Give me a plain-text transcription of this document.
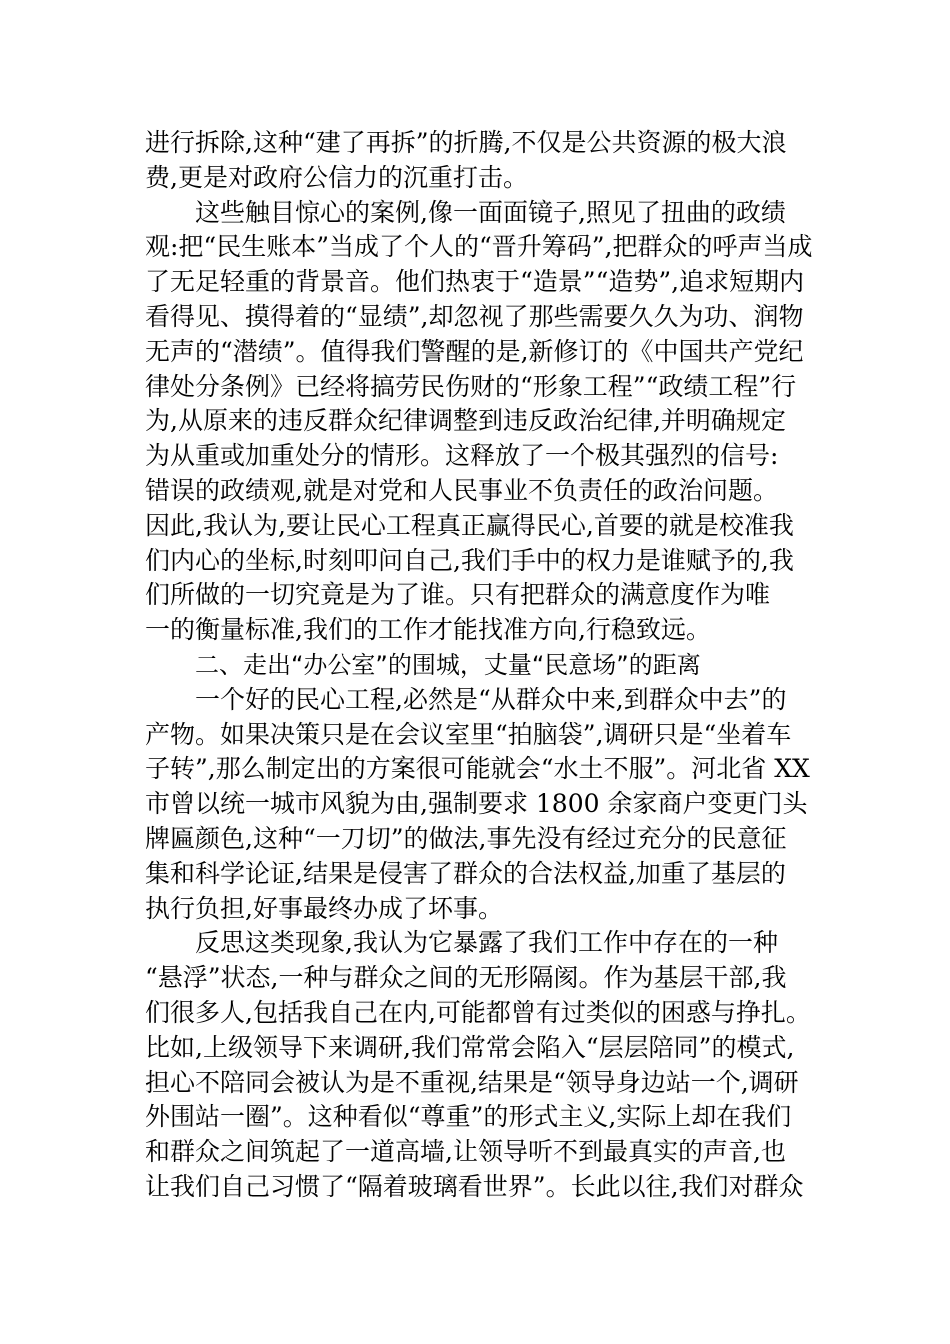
进行拆除,这种“建了再拆”的折腾,不仅是公共资源的极大浪
费,更是对政府公信力的沉重打击。
这些触目惊心的案例,像一面面镜子,照见了扭曲的政绩
观:把“民生账本”当成了个人的“晋升筹码”,把群众的呼声当成
了无足轻重的背景音。他们热衷于“造景”“造势”,追求短期内
看得见、摸得着的“显绩”,却忽视了那些需要久久为功、润物
无声的“潜绩”。值得我们警醒的是,新修订的《中国共产党纪
律处分条例》已经将搞劳民伤财的“形象工程”“政绩工程”行
为,从原来的违反群众纪律调整到违反政治纪律,并明确规定
为从重或加重处分的情形。这释放了一个极其强烈的信号:
错误的政绩观,就是对党和人民事业不负责任的政治问题。
因此,我认为,要让民心工程真正赢得民心,首要的就是校准我
们内心的坐标,时刻叩问自己,我们手中的权力是谁赋予的,我
们所做的一切究竟是为了谁。只有把群众的满意度作为唯
一的衡量标准,我们的工作才能找准方向,行稳致远。
二、走出“办公室”的围城，丈量“民意场”的距离
一个好的民心工程,必然是“从群众中来,到群众中去”的
产物。如果决策只是在会议室里“拍脑袋”,调研只是“坐着车
子转”,那么制定出的方案很可能就会“水土不服”。河北省 XX
市曾以统一城市风貌为由,强制要求 1800 余家商户变更门头
牌匾颜色,这种“一刀切”的做法,事先没有经过充分的民意征
集和科学论证,结果是侵害了群众的合法权益,加重了基层的
执行负担,好事最终办成了坏事。
反思这类现象,我认为它暴露了我们工作中存在的一种
“悬浮”状态,一种与群众之间的无形隔阂。作为基层干部,我
们很多人,包括我自己在内,可能都曾有过类似的困惑与挣扎。
比如,上级领导下来调研,我们常常会陷入“层层陪同”的模式,
担心不陪同会被认为是不重视,结果是“领导身边站一个,调研
外围站一圈”。这种看似“尊重”的形式主义,实际上却在我们
和群众之间筑起了一道高墙,让领导听不到最真实的声音,也
让我们自己习惯了“隔着玻璃看世界”。长此以往,我们对群众
